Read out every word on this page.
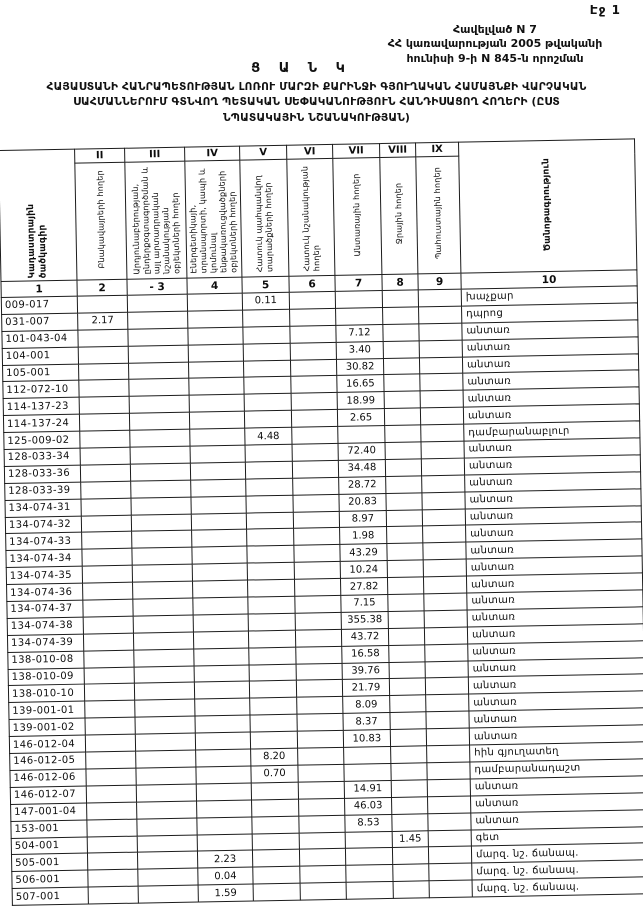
Էջ 1
Հավելված N 7
ՀՀ կառավարության 2005 թվականի
հունիսի 9-ի N 845-ն որոշման
Ց Ա Ն Կ
ՀԱՅԱՍՏԱՆԻ ՀԱՆՐԱՊԵՏՈՒԹՅԱՆ ԼՈՌՈՒ ՄԱՐԶԻ ՔԱՐԻՆՋԻ ԳՅՈՒՂԱԿԱՆ ՀԱՄԱՅՆՔԻ ՎԱՐՉԱԿԱՆ
ՍԱՀՄԱՆՆԵՐՈՒՄ ԳՏՆՎՈՂ ՊԵՏԱԿԱՆ ՍԵՓԱԿԱՆՈՒԹՅՈՒՆ ՀԱՆԴԻՍԱՑՈՂ ՀՈՂԵՐԻ (ԸՍՏ
ՆՊԱՏԱԿԱՅԻՆ ՆՇԱՆԱԿՈՒԹՅԱՆ)
Կադաստրային ծածկագիր	II	III	IV	V	VI	VII	VIII	IX	Ծանոթագրություն
	Բնակավայրերի հողեր	Արդյունաբերության, ընդերքօգտագործման և այլ արտադրական նշանակության օբյեկտների հողեր	Էներգետիկայի, տրանսպորտի, կապի և կոմունալ ենթակառուցվածքների օբյեկտների հողեր	Հատուկ պահպանվող տարածքների հողեր	Հատուկ նշանակության հողեր	Անտառային հողեր	Ջրային հողեր	Պահուստային հողեր	
1	2	- 3	4	5	6	7	8	9	10
009-017				0.11					խաչքար
031-007	2.17								դպրոց
101-043-04						7.12			անտառ
104-001						3.40			անտառ
105-001						30.82			անտառ
112-072-10						16.65			անտառ
114-137-23						18.99			անտառ
114-137-24						2.65			անտառ
125-009-02				4.48					դամբարանաբլուր
128-033-34						72.40			անտառ
128-033-36						34.48			անտառ
128-033-39						28.72			անտառ
134-074-31						20.83			անտառ
134-074-32						8.97			անտառ
134-074-33						1.98			անտառ
134-074-34						43.29			անտառ
134-074-35						10.24			անտառ
134-074-36						27.82			անտառ
134-074-37						7.15			անտառ
134-074-38						355.38			անտառ
134-074-39						43.72			անտառ
138-010-08						16.58			անտառ
138-010-09						39.76			անտառ
138-010-10						21.79			անտառ
139-001-01						8.09			անտառ
139-001-02						8.37			անտառ
146-012-04						10.83			անտառ
146-012-05				8.20					հին գյուղատեղ
146-012-06				0.70					դամբարանադաշտ
146-012-07						14.91			անտառ
147-001-04						46.03			անտառ
153-001						8.53			անտառ
504-001							1.45		գետ
505-001			2.23						մարզ. նշ. ճանապ.
506-001			0.04						մարզ. նշ. ճանապ.
507-001			1.59						մարզ. նշ. ճանապ.
